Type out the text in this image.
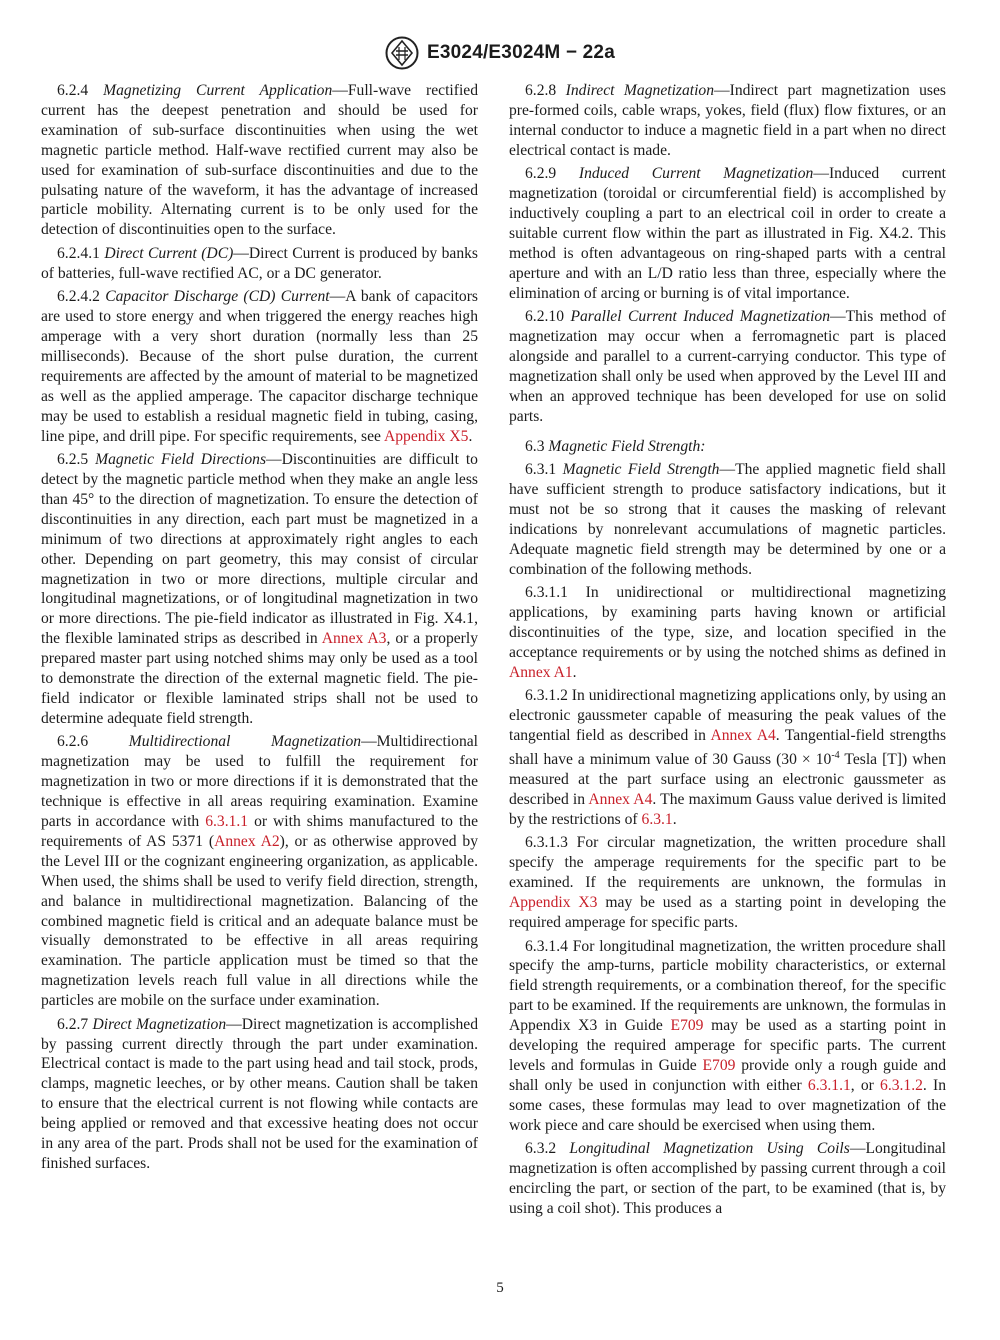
E3024/E3024M − 22a

6.2.4 Magnetizing Current Application—Full-wave rectified current has the deepest penetration and should be used for examination of sub-surface discontinuities when using the wet magnetic particle method. Half-wave rectified current may also be used for examination of sub-surface discontinuities and due to the pulsating nature of the waveform, it has the advantage of increased particle mobility. Alternating current is to be only used for the detection of discontinuities open to the surface.

6.2.4.1 Direct Current (DC)—Direct Current is produced by banks of batteries, full-wave rectified AC, or a DC generator.

6.2.4.2 Capacitor Discharge (CD) Current—A bank of capacitors are used to store energy and when triggered the energy reaches high amperage with a very short duration (normally less than 25 milliseconds). Because of the short pulse duration, the current requirements are affected by the amount of material to be magnetized as well as the applied amperage. The capacitor discharge technique may be used to establish a residual magnetic field in tubing, casing, line pipe, and drill pipe. For specific requirements, see Appendix X5.

6.2.5 Magnetic Field Directions—Discontinuities are difficult to detect by the magnetic particle method when they make an angle less than 45° to the direction of magnetization. To ensure the detection of discontinuities in any direction, each part must be magnetized in a minimum of two directions at approximately right angles to each other. Depending on part geometry, this may consist of circular magnetization in two or more directions, multiple circular and longitudinal magnetizations, or of longitudinal magnetization in two or more directions. The pie-field indicator as illustrated in Fig. X4.1, the flexible laminated strips as described in Annex A3, or a properly prepared master part using notched shims may only be used as a tool to demonstrate the direction of the external magnetic field. The pie-field indicator or flexible laminated strips shall not be used to determine adequate field strength.

6.2.6	Multidirectional Magnetization—Multidirectional magnetization may be used to fulfill the requirement for magnetization in two or more directions if it is demonstrated that the technique is effective in all areas requiring examination. Examine parts in accordance with 6.3.1.1 or with shims manufactured to the requirements of AS 5371 (Annex A2), or as otherwise approved by the Level III or the cognizant engineering organization, as applicable. When used, the shims shall be used to verify field direction, strength, and balance in multidirectional magnetization. Balancing of the combined magnetic field is critical and an adequate balance must be visually demonstrated to be effective in all areas requiring examination. The particle application must be timed so that the magnetization levels reach full value in all directions while the particles are mobile on the surface under examination.

6.2.7 Direct Magnetization—Direct magnetization is accomplished by passing current directly through the part under examination. Electrical contact is made to the part using head and tail stock, prods, clamps, magnetic leeches, or by other means. Caution shall be taken to ensure that the electrical current is not flowing while contacts are being applied or removed and that excessive heating does not occur in any area of the part. Prods shall not be used for the examination of finished surfaces.

6.2.8 Indirect Magnetization—Indirect part magnetization uses pre-formed coils, cable wraps, yokes, field (flux) flow fixtures, or an internal conductor to induce a magnetic field in a part when no direct electrical contact is made.

6.2.9 Induced Current Magnetization—Induced current magnetization (toroidal or circumferential field) is accomplished by inductively coupling a part to an electrical coil in order to create a suitable current flow within the part as illustrated in Fig. X4.2. This method is often advantageous on ring-shaped parts with a central aperture and with an L/D ratio less than three, especially where the elimination of arcing or burning is of vital importance.

6.2.10 Parallel Current Induced Magnetization—This method of magnetization may occur when a ferromagnetic part is placed alongside and parallel to a current-carrying conductor. This type of magnetization shall only be used when approved by the Level III and when an approved technique has been developed for use on solid parts.

6.3 Magnetic Field Strength:

6.3.1 Magnetic Field Strength—The applied magnetic field shall have sufficient strength to produce satisfactory indications, but it must not be so strong that it causes the masking of relevant indications by nonrelevant accumulations of magnetic particles. Adequate magnetic field strength may be determined by one or a combination of the following methods.

6.3.1.1 In unidirectional or multidirectional magnetizing applications, by examining parts having known or artificial discontinuities of the type, size, and location specified in the acceptance requirements or by using the notched shims as defined in Annex A1.

6.3.1.2 In unidirectional magnetizing applications only, by using an electronic gaussmeter capable of measuring the peak values of the tangential field as described in Annex A4. Tangential-field strengths shall have a minimum value of 30 Gauss ($30 \times 10^{-4}$ Tesla [T]) when measured at the part surface using an electronic gaussmeter as described in Annex A4. The maximum Gauss value derived is limited by the restrictions of 6.3.1.

6.3.1.3 For circular magnetization, the written procedure shall specify the amperage requirements for the specific part to be examined. If the requirements are unknown, the formulas in Appendix X3 may be used as a starting point in developing the required amperage for specific parts.

6.3.1.4 For longitudinal magnetization, the written procedure shall specify the amp-turns, particle mobility characteristics, or external field strength requirements, or a combination thereof, for the specific part to be examined. If the requirements are unknown, the formulas in Appendix X3 in Guide E709 may be used as a starting point in developing the required amperage for specific parts. The current levels and formulas in Guide E709 provide only a rough guide and shall only be used in conjunction with either 6.3.1.1, or 6.3.1.2. In some cases, these formulas may lead to over magnetization of the work piece and care should be exercised when using them.

6.3.2 Longitudinal Magnetization Using Coils—Longitudinal magnetization is often accomplished by passing current through a coil encircling the part, or section of the part, to be examined (that is, by using a coil shot). This produces a

5
